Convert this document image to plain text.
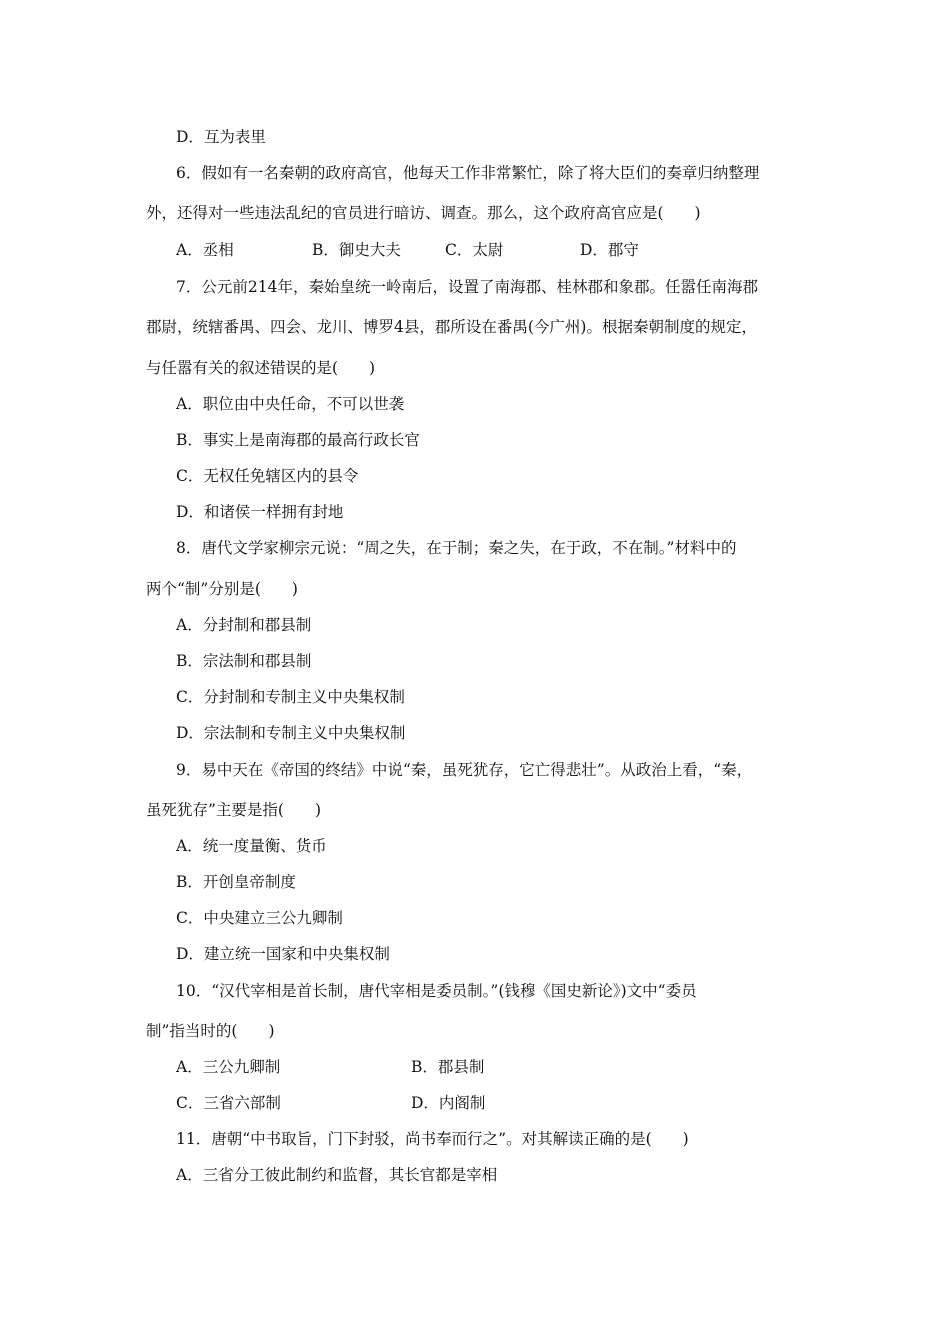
D．互为表里
6．假如有一名秦朝的政府高官，他每天工作非常繁忙，除了将大臣们的奏章归纳整理
外，还得对一些违法乱纪的官员进行暗访、调查。那么，这个政府高官应是(　　)
A．丞相	B．御史大夫	C．太尉	D．郡守
7．公元前214年，秦始皇统一岭南后，设置了南海郡、桂林郡和象郡。任嚣任南海郡
郡尉，统辖番禺、四会、龙川、博罗4县，郡所设在番禺(今广州)。根据秦朝制度的规定，
与任嚣有关的叙述错误的是(　　)
A．职位由中央任命，不可以世袭
B．事实上是南海郡的最高行政长官
C．无权任免辖区内的县令
D．和诸侯一样拥有封地
8．唐代文学家柳宗元说：“周之失，在于制；秦之失，在于政，不在制。”材料中的
两个“制”分别是(　　)
A．分封制和郡县制
B．宗法制和郡县制
C．分封制和专制主义中央集权制
D．宗法制和专制主义中央集权制
9．易中天在《帝国的终结》中说“秦，虽死犹存，它亡得悲壮”。从政治上看，“秦，
虽死犹存”主要是指(　　)
A．统一度量衡、货币
B．开创皇帝制度
C．中央建立三公九卿制
D．建立统一国家和中央集权制
10．“汉代宰相是首长制，唐代宰相是委员制。”(钱穆《国史新论》)文中“委员
制”指当时的(　　)
A．三公九卿制	B．郡县制
C．三省六部制	D．内阁制
11．唐朝“中书取旨，门下封驳，尚书奉而行之”。对其解读正确的是(　　)
A．三省分工彼此制约和监督，其长官都是宰相
